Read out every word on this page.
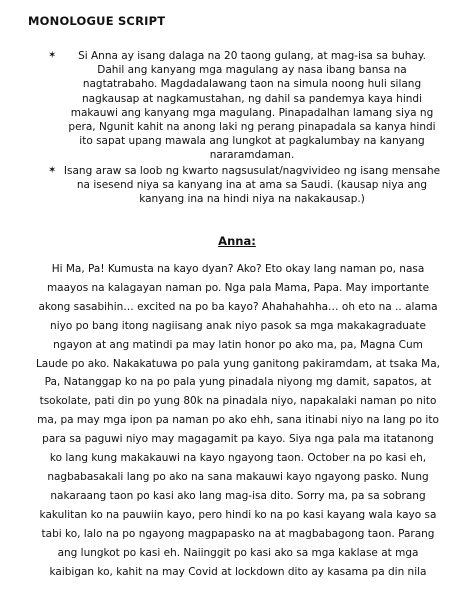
MONOLOGUE SCRIPT
✶	Si Anna ay isang dalaga na 20 taong gulang, at mag-isa sa buhay.
Dahil ang kanyang mga magulang ay nasa ibang bansa na
nagtatrabaho. Magdadalawang taon na simula noong huli silang
nagkausap at nagkamustahan, ng dahil sa pandemya kaya hindi
makauwi ang kanyang mga magulang. Pinapadalhan lamang siya ng
pera, Ngunit kahit na anong laki ng perang pinapadala sa kanya hindi
ito sapat upang mawala ang lungkot at pagkalumbay na kanyang
nararamdaman.
✶ Isang araw sa loob ng kwarto nagsusulat/nagvivideo ng isang mensahe
na isesend niya sa kanyang ina at ama sa Saudi. (kausap niya ang
kanyang ina na hindi niya na nakakausap.)
Anna:
Hi Ma, Pa! Kumusta na kayo dyan? Ako? Eto okay lang naman po, nasa
maayos na kalagayan naman po. Nga pala Mama, Papa. May importante
akong sasabihin… excited na po ba kayo? Ahahahahha… oh eto na .. alama
niyo po bang itong nagiisang anak niyo pasok sa mga makakagraduate
ngayon at ang matindi pa may latin honor po ako ma, pa, Magna Cum
Laude po ako. Nakakatuwa po pala yung ganitong pakiramdam, at tsaka Ma,
Pa, Natanggap ko na po pala yung pinadala niyong mg damit, sapatos, at
tsokolate, pati din po yung 80k na pinadala niyo, napakalaki naman po nito
ma, pa may mga ipon pa naman po ako ehh, sana itinabi niyo na lang po ito
para sa paguwi niyo may magagamit pa kayo. Siya nga pala ma itatanong
ko lang kung makakauwi na kayo ngayong taon. October na po kasi eh,
nagbabasakali lang po ako na sana makauwi kayo ngayong pasko. Nung
nakaraang taon po kasi ako lang mag-isa dito. Sorry ma, pa sa sobrang
kakulitan ko na pauwiin kayo, pero hindi ko na po kasi kayang wala kayo sa
tabi ko, lalo na po ngayong magpapasko na at magbabagong taon. Parang
ang lungkot po kasi eh. Naiinggit po kasi ako sa mga kaklase at mga
kaibigan ko, kahit na may Covid at lockdown dito ay kasama pa din nila
